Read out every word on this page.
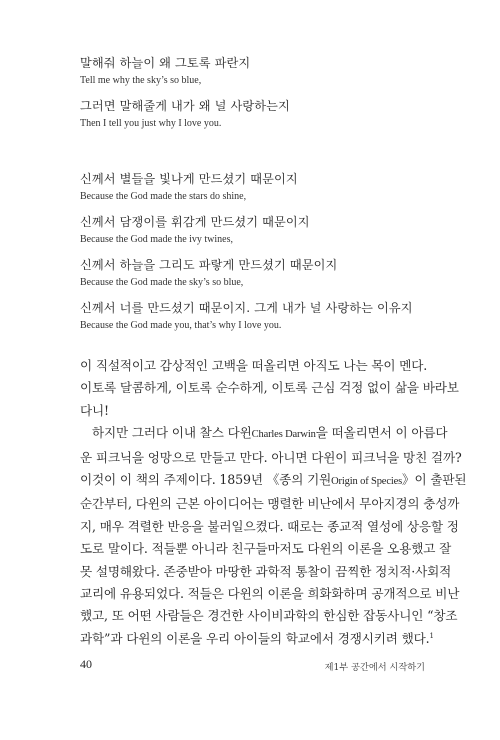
말해줘 하늘이 왜 그토록 파란지
Tell me why the sky’s so blue,
그러면 말해줄게 내가 왜 널 사랑하는지
Then I tell you just why I love you.
신께서 별들을 빛나게 만드셨기 때문이지
Because the God made the stars do shine,
신께서 담쟁이를 휘감게 만드셨기 때문이지
Because the God made the ivy twines,
신께서 하늘을 그리도 파랗게 만드셨기 때문이지
Because the God made the sky’s so blue,
신께서 너를 만드셨기 때문이지. 그게 내가 널 사랑하는 이유지
Because the God made you, that’s why I love you.

이 직설적이고 감상적인 고백을 떠올리면 아직도 나는 목이 멘다.
이토록 달콤하게, 이토록 순수하게, 이토록 근심 걱정 없이 삶을 바라보
다니!

하지만 그러다 이내 찰스 다윈Charles Darwin을 떠올리면서 이 아름다
운 피크닉을 엉망으로 만들고 만다. 아니면 다윈이 피크닉을 망친 걸까?
이것이 이 책의 주제이다. 1859년 《종의 기원Origin of Species》이 출판된
순간부터, 다윈의 근본 아이디어는 맹렬한 비난에서 무아지경의 충성까
지, 매우 격렬한 반응을 불러일으켰다. 때로는 종교적 열성에 상응할 정
도로 말이다. 적들뿐 아니라 친구들마저도 다윈의 이론을 오용했고 잘
못 설명해왔다. 존중받아 마땅한 과학적 통찰이 끔찍한 정치적·사회적
교리에 유용되었다. 적들은 다윈의 이론을 희화화하며 공개적으로 비난
했고, 또 어떤 사람들은 경건한 사이비과학의 한심한 잡동사니인 “창조
과학”과 다윈의 이론을 우리 아이들의 학교에서 경쟁시키려 했다.$^1$

40	제1부 공간에서 시작하기
